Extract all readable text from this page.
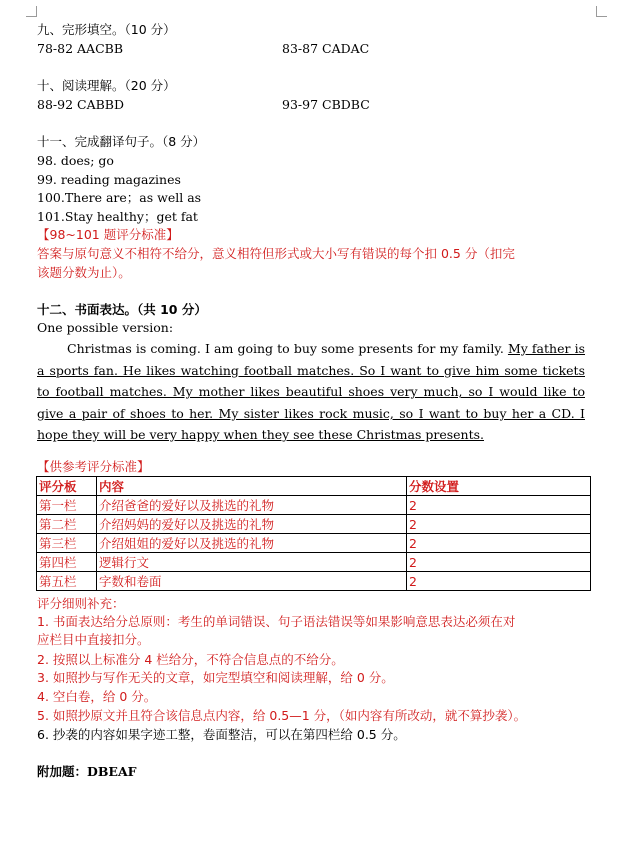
九、完形填空。（10 分）
78-82 AACBB	83-87 CADAC
十、阅读理解。（20 分）
88-92 CABBD	93-97 CBDBC
十一、完成翻译句子。（8 分）
98. does; go
99. reading magazines
100.There are；as well as
101.Stay healthy；get fat
【98~101 题评分标准】
答案与原句意义不相符不给分，意义相符但形式或大小写有错误的每个扣 0.5 分（扣完
该题分数为止）。
十二、书面表达。（共 10 分）
One possible version:
Christmas is coming. I am going to buy some presents for my family. My father is a sports fan. He likes watching football matches. So I want to give him some tickets to football matches. My mother likes beautiful shoes very much, so I would like to give a pair of shoes to her. My sister likes rock music, so I want to buy her a CD. I hope they will be very happy when they see these Christmas presents.
【供参考评分标准】
评分板	内容	分数设置
第一栏	介绍爸爸的爱好以及挑选的礼物	2
第二栏	介绍妈妈的爱好以及挑选的礼物	2
第三栏	介绍姐姐的爱好以及挑选的礼物	2
第四栏	逻辑行文	2
第五栏	字数和卷面	2
评分细则补充：
1. 书面表达给分总原则：考生的单词错误、句子语法错误等如果影响意思表达必须在对
应栏目中直接扣分。
2. 按照以上标准分 4 栏给分，不符合信息点的不给分。
3. 如照抄与写作无关的文章，如完型填空和阅读理解，给 0 分。
4. 空白卷，给 0 分。
5. 如照抄原文并且符合该信息点内容，给 0.5—1 分，（如内容有所改动，就不算抄袭）。
6. 抄袭的内容如果字迹工整，卷面整洁，可以在第四栏给 0.5 分。
附加题：DBEAF
